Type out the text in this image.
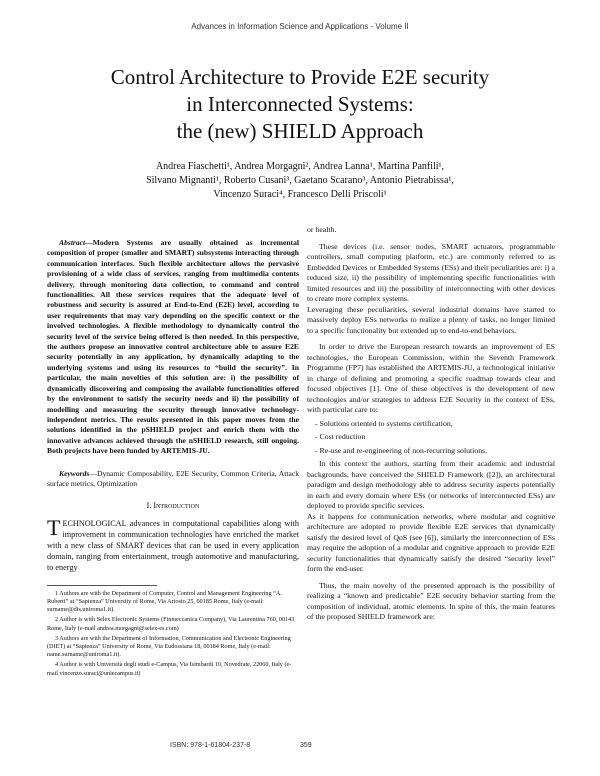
Advances in Information Science and Applications - Volume II
Control Architecture to Provide E2E security
in Interconnected Systems:
the (new) SHIELD Approach
Andrea Fiaschetti¹, Andrea Morgagni², Andrea Lanna¹, Martina Panfili¹,
Silvano Mignanti¹, Roberto Cusani³, Gaetano Scarano³, Antonio Pietrabissa¹,
Vincenzo Suraci⁴, Francesco Delli Priscoli¹

Abstract—Modern Systems are usually obtained as incremental composition of proper (smaller and SMART) subsystems interacting through communication interfaces. Such flexible architecture allows the pervasive provisioning of a wide class of services, ranging from multimedia contents delivery, through monitoring data collection, to command and control functionalities. All these services requires that the adequate level of robustness and security is assured at End-to-End (E2E) level, according to user requirements that may vary depending on the specific context or the involved technologies. A flexible methodology to dynamically control the security level of the service being offered is then needed. In this perspective, the authors propose an innovative control architecture able to assure E2E security potentially in any application, by dynamically adapting to the underlying systems and using its resources to “build the security”. In particular, the main novelties of this solution are: i) the possibility of dynamically discovering and composing the available functionalities offered by the environment to satisfy the security needs and ii) the possibility of modelling and measuring the security through innovative technology-independent metrics. The results presented in this paper moves from the solutions identified in the pSHIELD project and enrich them with the innovative advances achieved through the nSHIELD research, still ongoing. Both projects have been funded by ARTEMIS-JU.

Keywords—Dynamic Composability, E2E Security, Common Criteria, Attack surface metrics, Optimization

I. Introduction

TECHNOLOGICAL advances in computational capabilities along with improvement in communication technologies have enriched the market with a new class of SMART devices that can be used in every application domain, ranging from entertainment, trough automotive and manufacturing, to energy

1 Authors are with the Department of Computer, Control and Management Engineering “A. Ruberti” at “Sapienza” University of Rome, Via Ariosto 25, 00185 Rome, Italy (e-mail: surname@dis.uniroma1.it).
2 Author is with Selex Electronic Systems (Finmeccanica Company), Via Laurentina 760, 00143 Rome, Italy (e-mail andrea.morgagni@selex-es.com)
3 Authors are with the Department of Information, Communication and Electronic Engineering (DIET) at “Sapienza” University of Rome, Via Eudossiana 18, 00184 Rome, Italy (e-mail: name.surname@uniroma1.it).
4 Author is with Università degli studi e-Campus, Via Isimbardi 10, Novedrate, 22060, Italy (e-mail vincenzo.suraci@uniecampus.it)

or health.

These devices (i.e. sensor nodes, SMART actuators, programmable controllers, small computing platform, etc.) are commonly referred to as Embedded Devices or Embedded Systems (ESs) and their peculiarities are: i) a reduced size, ii) the possibility of implementing specific functionalities with limited resources and iii) the possibility of interconnecting with other devices to create more complex systems.

Leveraging these peculiarities, several industrial domains have started to massively deploy ESs networks to realize a plenty of tasks, no longer limited to a specific functionality but extended up to end-to-end behaviors.

In order to drive the European research towards an improvement of ES technologies, the European Commission, within the Seventh Framework Programme (FP7) has established the ARTEMIS-JU, a technological initiative in charge of defining and promoting a specific roadmap towards clear and focused objectives [1]. One of these objectives is the development of new technologies and/or strategies to address E2E Security in the context of ESs, with particular care to:

- Solutions oriented to systems certification,
- Cost reduction
- Re-use and re-engineering of non-recurring solutions.

In this context the authors, starting from their academic and industrial backgrounds, have conceived the SHIELD Framework ([2]), an architectural paradigm and design methodology able to address security aspects potentially in each and every domain where ESs (or networks of interconnected ESs) are deployed to provide specific services.

As it happens for communication networks, where modular and cognitive architecture are adopted to provide flexible E2E services that dynamically satisfy the desired level of QoS (see [6]), similarly the interconnection of ESs may require the adoption of a modular and cognitive approach to provide E2E security functionalities that dynamically satisfy the desired “security level” form the end-user.

Thus, the main novelty of the presented approach is the possibility of realizing a “known and predictable” E2E security behavior starting from the composition of individual, atomic elements. In spite of this, the main features of the proposed SHIELD framework are:

ISBN: 978-1-61804-237-8	359
